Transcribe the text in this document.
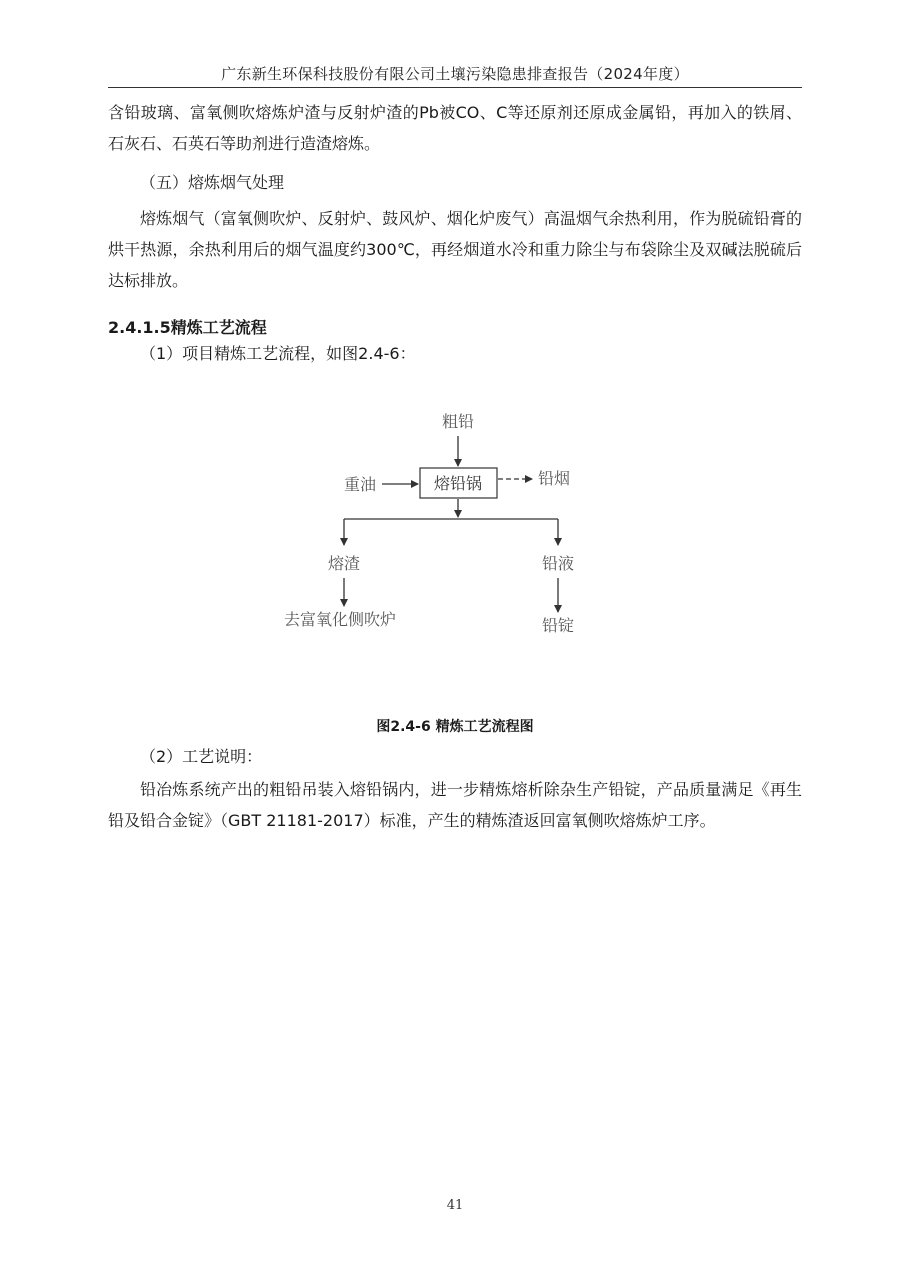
广东新生环保科技股份有限公司土壤污染隐患排查报告（2024年度）
含铅玻璃、富氧侧吹熔炼炉渣与反射炉渣的Pb被CO、C等还原剂还原成金属铅，再加入的铁屑、石灰石、石英石等助剂进行造渣熔炼。
（五）熔炼烟气处理
熔炼烟气（富氧侧吹炉、反射炉、鼓风炉、烟化炉废气）高温烟气余热利用，作为脱硫铅膏的烘干热源，余热利用后的烟气温度约300℃，再经烟道水冷和重力除尘与布袋除尘及双碱法脱硫后达标排放。
2.4.1.5精炼工艺流程
（1）项目精炼工艺流程，如图2.4-6：
粗铅
熔铅锅
重油	铅烟
熔渣	铅液
去富氧化侧吹炉	铅锭
图2.4-6 精炼工艺流程图
（2）工艺说明：
铅冶炼系统产出的粗铅吊装入熔铅锅内，进一步精炼熔析除杂生产铅锭，产品质量满足《再生铅及铅合金锭》（GBT 21181-2017）标准，产生的精炼渣返回富氧侧吹熔炼炉工序。
41
